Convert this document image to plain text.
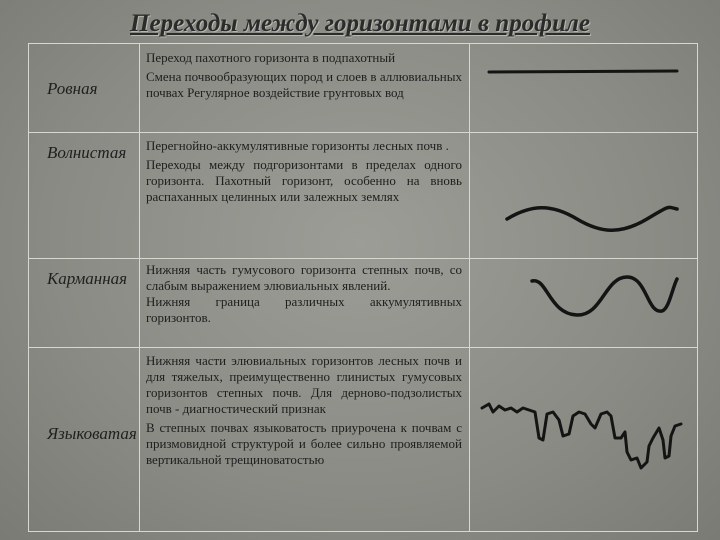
Переходы между горизонтами в профиле
Ровная

Переход пахотного горизонта в подпахотный

Смена почвообразующих пород и слоев в аллювиальных почвах Регулярное воздействие грунтовых вод

Волнистая	Перегнойно-аккумулятивные горизонты лесных почв .

Переходы между подгоризонтами в пределах одного горизонта. Пахотный горизонт, особенно на вновь распаханных целинных или залежных землях

Карманная	Нижняя часть гумусового горизонта степных почв, со слабым выражением элювиальных явлений.

Нижняя граница различных аккумулятивных горизонтов.

Языковатая

Нижняя части элювиальных горизонтов лесных почв и для тяжелых, преимущественно глинистых гумусовых горизонтов степных почв. Для дерново-подзолистых почв - диагностический признак

В степных почвах языковатость приурочена к почвам с призмовидной структурой и более сильно проявляемой вертикальной трещиноватостью
